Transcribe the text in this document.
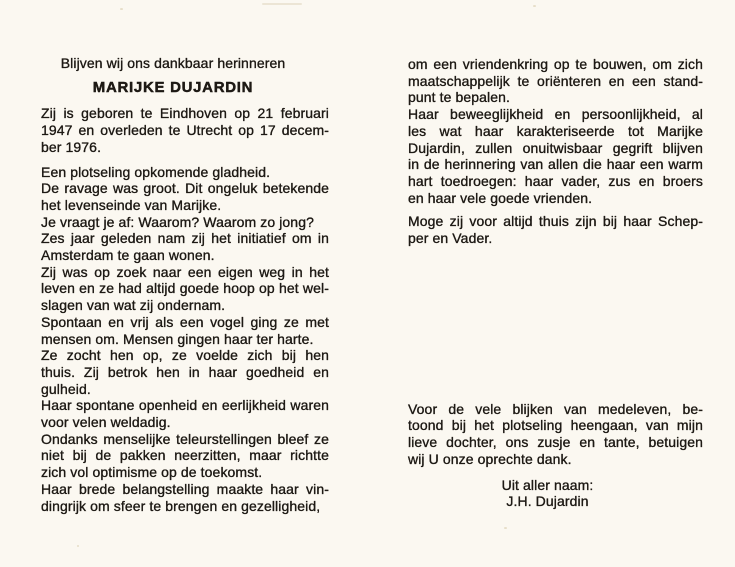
Blijven wij ons dankbaar herinneren
MARIJKE DUJARDIN
Zij is geboren te Eindhoven op 21 februari
1947 en overleden te Utrecht op 17 decem-
ber 1976.
Een plotseling opkomende gladheid.
De ravage was groot. Dit ongeluk betekende
het levenseinde van Marijke.
Je vraagt je af: Waarom? Waarom zo jong?
Zes jaar geleden nam zij het initiatief om in
Amsterdam te gaan wonen.
Zij was op zoek naar een eigen weg in het
leven en ze had altijd goede hoop op het wel-
slagen van wat zij ondernam.
Spontaan en vrij als een vogel ging ze met
mensen om. Mensen gingen haar ter harte.
Ze zocht hen op, ze voelde zich bij hen
thuis. Zij betrok hen in haar goedheid en
gulheid.
Haar spontane openheid en eerlijkheid waren
voor velen weldadig.
Ondanks menselijke teleurstellingen bleef ze
niet bij de pakken neerzitten, maar richtte
zich vol optimisme op de toekomst.
Haar brede belangstelling maakte haar vin-
dingrijk om sfeer te brengen en gezelligheid,
om een vriendenkring op te bouwen, om zich
maatschappelijk te oriënteren en een stand-
punt te bepalen.
Haar beweeglijkheid en persoonlijkheid, al
les wat haar karakteriseerde tot Marijke
Dujardin, zullen onuitwisbaar gegrift blijven
in de herinnering van allen die haar een warm
hart toedroegen: haar vader, zus en broers
en haar vele goede vrienden.
Moge zij voor altijd thuis zijn bij haar Schep-
per en Vader.
Voor de vele blijken van medeleven, be-
toond bij het plotseling heengaan, van mijn
lieve dochter, ons zusje en tante, betuigen
wij U onze oprechte dank.
Uit aller naam:
J.H. Dujardin
